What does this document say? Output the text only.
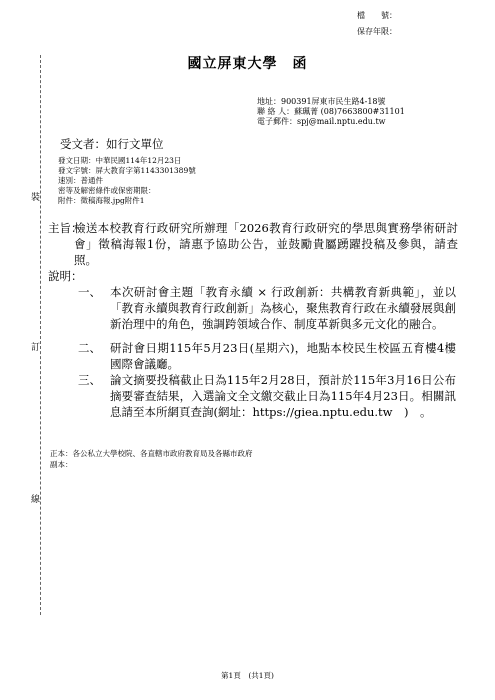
檔　　號：
保存年限：
國立屏東大學　函
地址：900391屏東市民生路4-18號
聯 絡 人：蘇珮菁 (08)7663800#31101
電子郵件：spj@mail.nptu.edu.tw
受文者：如行文單位
發文日期：中華民國114年12月23日
發文字號：屏大教育字第1143301389號
速別：普通件
密等及解密條件或保密期限：
附件：徵稿海報.jpg附件1
裝
訂
線
主旨：
檢送本校教育行政研究所辦理「2026教育行政研究的學思與實務學術研討會」徵稿海報1份，請惠予協助公告，並鼓勵貴屬踴躍投稿及參與，請查照。
說明：
一、 本次研討會主題「教育永續 × 行政創新：共構教育新典範」，並以「教育永續與教育行政創新」為核心，聚焦教育行政在永續發展與創新治理中的角色，強調跨領域合作、制度革新與多元文化的融合。
二、 研討會日期115年5月23日(星期六)，地點本校民生校區五育樓4樓國際會議廳。
三、 論文摘要投稿截止日為115年2月28日，預計於115年3月16日公布摘要審查結果，入選論文全文繳交截止日為115年4月23日。相關訊息請至本所網頁查詢(網址：https://giea.nptu.edu.tw　)　。
正本：各公私立大學校院、各直轄市政府教育局及各縣市政府
副本：
第1頁　(共1頁)
